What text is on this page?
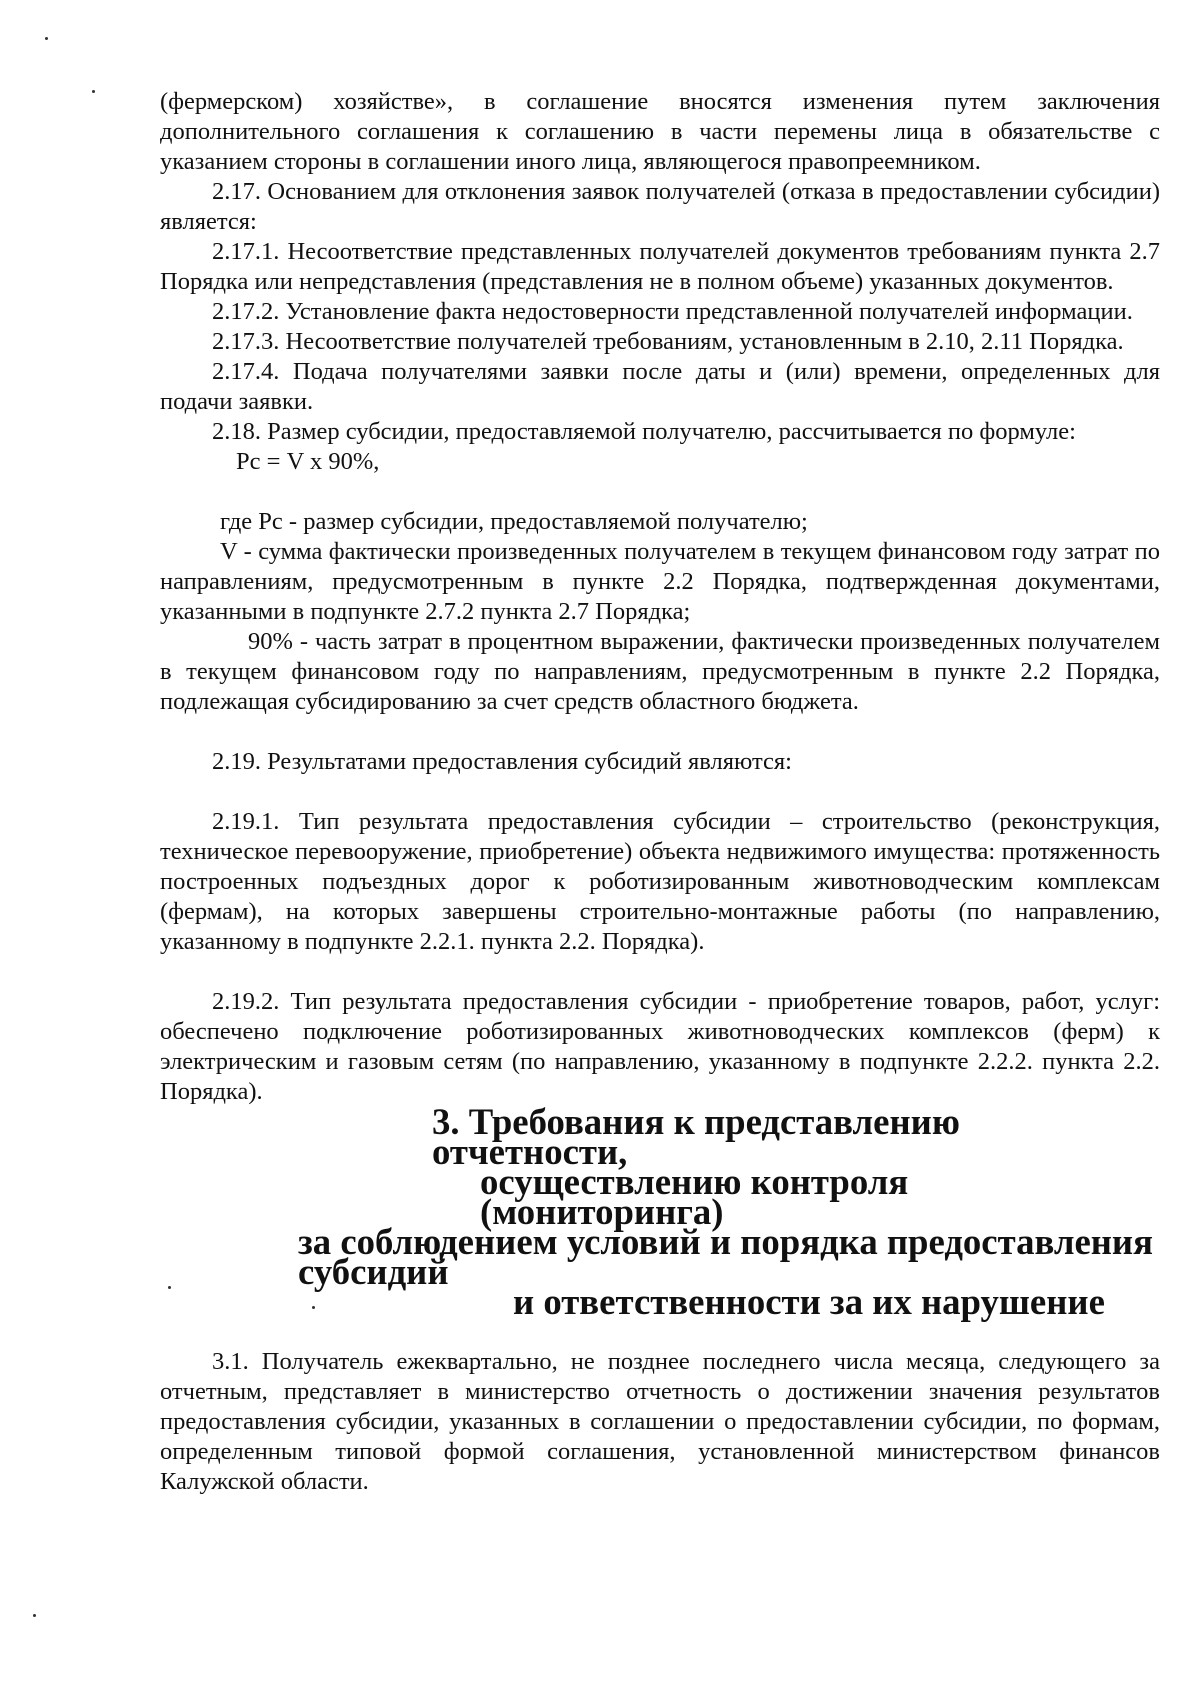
(фермерском) хозяйстве», в соглашение вносятся изменения путем заключения дополнительного соглашения к соглашению в части перемены лица в обязательстве с указанием стороны в соглашении иного лица, являющегося правопреемником.

2.17. Основанием для отклонения заявок получателей (отказа в предоставлении субсидии) является:

2.17.1. Несоответствие представленных получателей документов требованиям пункта 2.7 Порядка или непредставления (представления не в полном объеме) указанных документов.

2.17.2. Установление факта недостоверности представленной получателей информации.

2.17.3. Несоответствие получателей требованиям, установленным в 2.10, 2.11 Порядка.

2.17.4. Подача получателями заявки после даты и (или) времени, определенных для подачи заявки.

2.18. Размер субсидии, предоставляемой получателю, рассчитывается по формуле:

Рс = V х 90%,

где Рс - размер субсидии, предоставляемой получателю;

V - сумма фактически произведенных получателем в текущем финансовом году затрат по направлениям, предусмотренным в пункте 2.2 Порядка, подтвержденная документами, указанными в подпункте 2.7.2 пункта 2.7 Порядка;

90% - часть затрат в процентном выражении, фактически произведенных получателем в текущем финансовом году по направлениям, предусмотренным в пункте 2.2 Порядка, подлежащая субсидированию за счет средств областного бюджета.

2.19. Результатами предоставления субсидий являются:

2.19.1. Тип результата предоставления субсидии – строительство (реконструкция, техническое перевооружение, приобретение) объекта недвижимого имущества: протяженность построенных подъездных дорог к роботизированным животноводческим комплексам (фермам), на которых завершены строительно-монтажные работы (по направлению, указанному в подпункте 2.2.1. пункта 2.2. Порядка).

2.19.2. Тип результата предоставления субсидии - приобретение товаров, работ, услуг: обеспечено подключение роботизированных животноводческих комплексов (ферм) к электрическим и газовым сетям (по направлению, указанному в подпункте 2.2.2. пункта 2.2. Порядка).

3. Требования к представлению отчетности,
осуществлению контроля (мониторинга)
за соблюдением условий и порядка предоставления субсидий
и ответственности за их нарушение

3.1. Получатель ежеквартально, не позднее последнего числа месяца, следующего за отчетным, представляет в министерство отчетность о достижении значения результатов предоставления субсидии, указанных в соглашении о предоставлении субсидии, по формам, определенным типовой формой соглашения, установленной министерством финансов Калужской области.
